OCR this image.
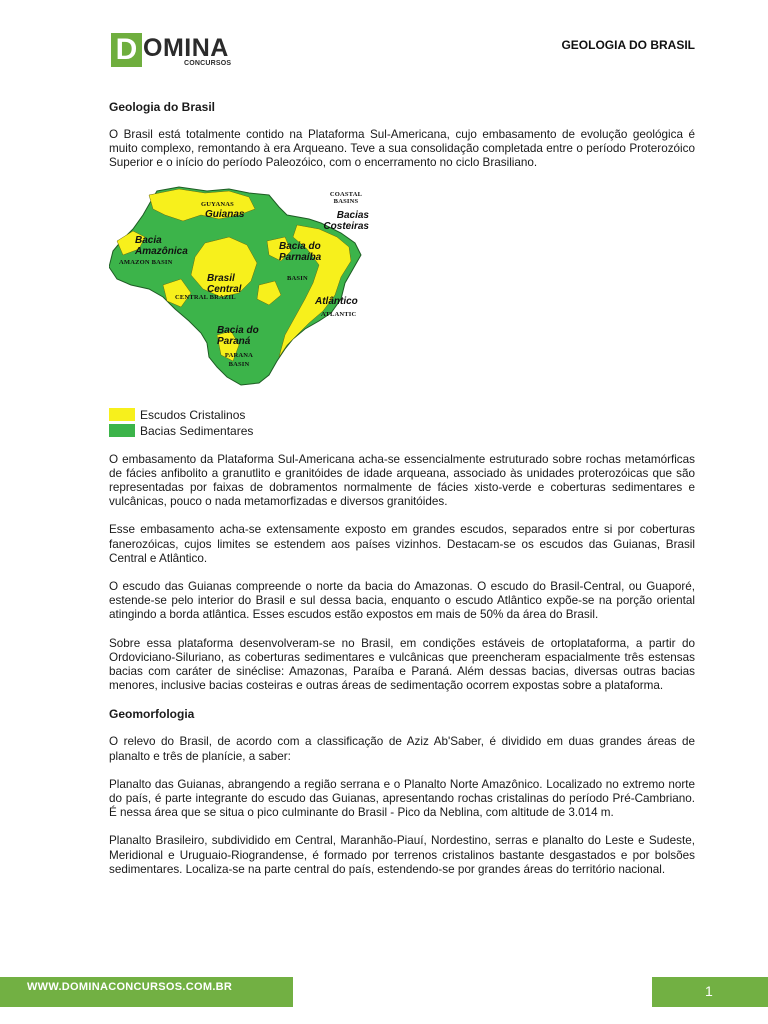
D OMINA
CONCURSOS
GEOLOGIA DO BRASIL
Geologia do Brasil

O Brasil está totalmente contido na Plataforma Sul-Americana, cujo embasamento de evolução geológica é muito complexo, remontando à era Arqueano. Teve a sua consolidação completada entre o período Proterozóico Superior e o início do período Paleozóico, com o encerramento no ciclo Brasiliano.

GUYANAS
Guianas
COASTAL BASINS
Bacias Costeiras
Bacia Amazônica
AMAZON BASIN
Bacia do Parnaíba
BASIN
Brasil Central
CENTRAL BRAZIL	Atlântico
ATLANTIC
Bacia do Paraná
PARANA BASIN
Escudos Cristalinos
Bacias Sedimentares

O embasamento da Plataforma Sul-Americana acha-se essencialmente estruturado sobre rochas metamórficas de fácies anfibolito a granutlito e granitóides de idade arqueana, associado às unidades proterozóicas que são representadas por faixas de dobramentos normalmente de fácies xisto-verde e coberturas sedimentares e vulcânicas, pouco o nada metamorfizadas e diversos granitóides.

Esse embasamento acha-se extensamente exposto em grandes escudos, separados entre si por coberturas fanerozóicas, cujos limites se estendem aos países vizinhos. Destacam-se os escudos das Guianas, Brasil Central e Atlântico.

O escudo das Guianas compreende o norte da bacia do Amazonas. O escudo do Brasil-Central, ou Guaporé, estende-se pelo interior do Brasil e sul dessa bacia, enquanto o escudo Atlântico expõe-se na porção oriental atingindo a borda atlântica. Esses escudos estão expostos em mais de 50% da área do Brasil.

Sobre essa plataforma desenvolveram-se no Brasil, em condições estáveis de ortoplataforma, a partir do Ordoviciano-Siluriano, as coberturas sedimentares e vulcânicas que preencheram espacialmente três estensas bacias com caráter de sinéclise: Amazonas, Paraíba e Paraná. Além dessas bacias, diversas outras bacias menores, inclusive bacias costeiras e outras áreas de sedimentação ocorrem expostas sobre a plataforma.

Geomorfologia

O relevo do Brasil, de acordo com a classificação de Aziz Ab'Saber, é dividido em duas grandes áreas de planalto e três de planície, a saber:

Planalto das Guianas, abrangendo a região serrana e o Planalto Norte Amazônico. Localizado no extremo norte do país, é parte integrante do escudo das Guianas, apresentando rochas cristalinas do período Pré-Cambriano. É nessa área que se situa o pico culminante do Brasil - Pico da Neblina, com altitude de 3.014 m.

Planalto Brasileiro, subdividido em Central, Maranhão-Piauí, Nordestino, serras e planalto do Leste e Sudeste, Meridional e Uruguaio-Riograndense, é formado por terrenos cristalinos bastante desgastados e por bolsões sedimentares. Localiza-se na parte central do país, estendendo-se por grandes áreas do território nacional.

WWW.DOMINACONCURSOS.COM.BR	1
